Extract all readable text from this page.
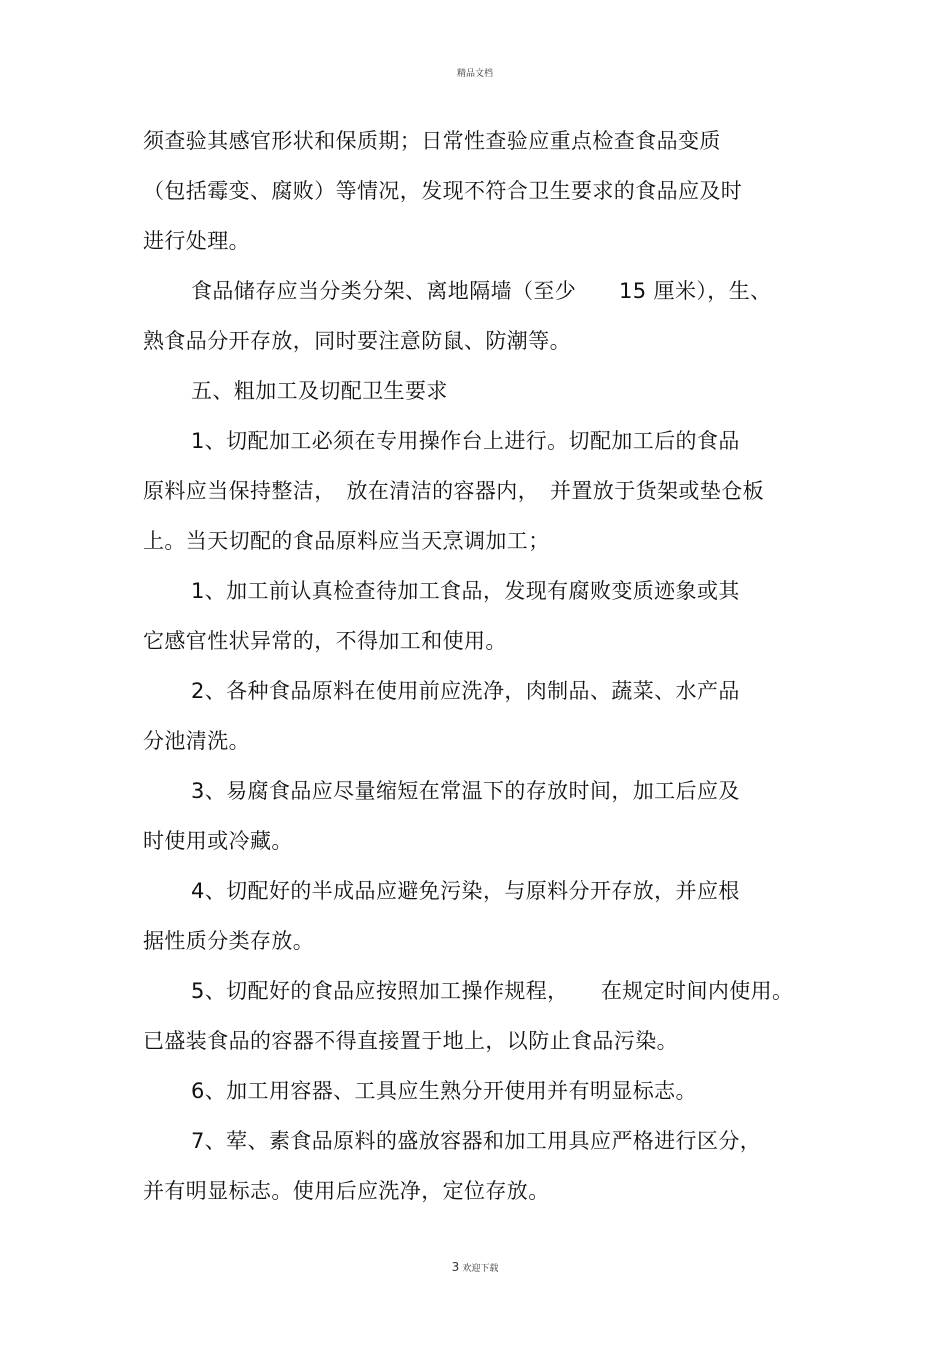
精品文档
须查验其感官形状和保质期；日常性查验应重点检查食品变质
（包括霉变、腐败）等情况，发现不符合卫生要求的食品应及时
进行处理。
食品储存应当分类分架、离地隔墙（至少　　15 厘米），生、
熟食品分开存放，同时要注意防鼠、防潮等。
五、粗加工及切配卫生要求
1、切配加工必须在专用操作台上进行。切配加工后的食品
原料应当保持整洁，　放在清洁的容器内，　并置放于货架或垫仓板
上。当天切配的食品原料应当天烹调加工；
1、加工前认真检查待加工食品，发现有腐败变质迹象或其
它感官性状异常的，不得加工和使用。
2、各种食品原料在使用前应洗净，肉制品、蔬菜、水产品
分池清洗。
3、易腐食品应尽量缩短在常温下的存放时间，加工后应及
时使用或冷藏。
4、切配好的半成品应避免污染，与原料分开存放，并应根
据性质分类存放。
5、切配好的食品应按照加工操作规程，　　在规定时间内使用。
已盛装食品的容器不得直接置于地上，以防止食品污染。
6、加工用容器、工具应生熟分开使用并有明显标志。
7、荤、素食品原料的盛放容器和加工用具应严格进行区分，
并有明显标志。使用后应洗净，定位存放。
3 欢迎下载
